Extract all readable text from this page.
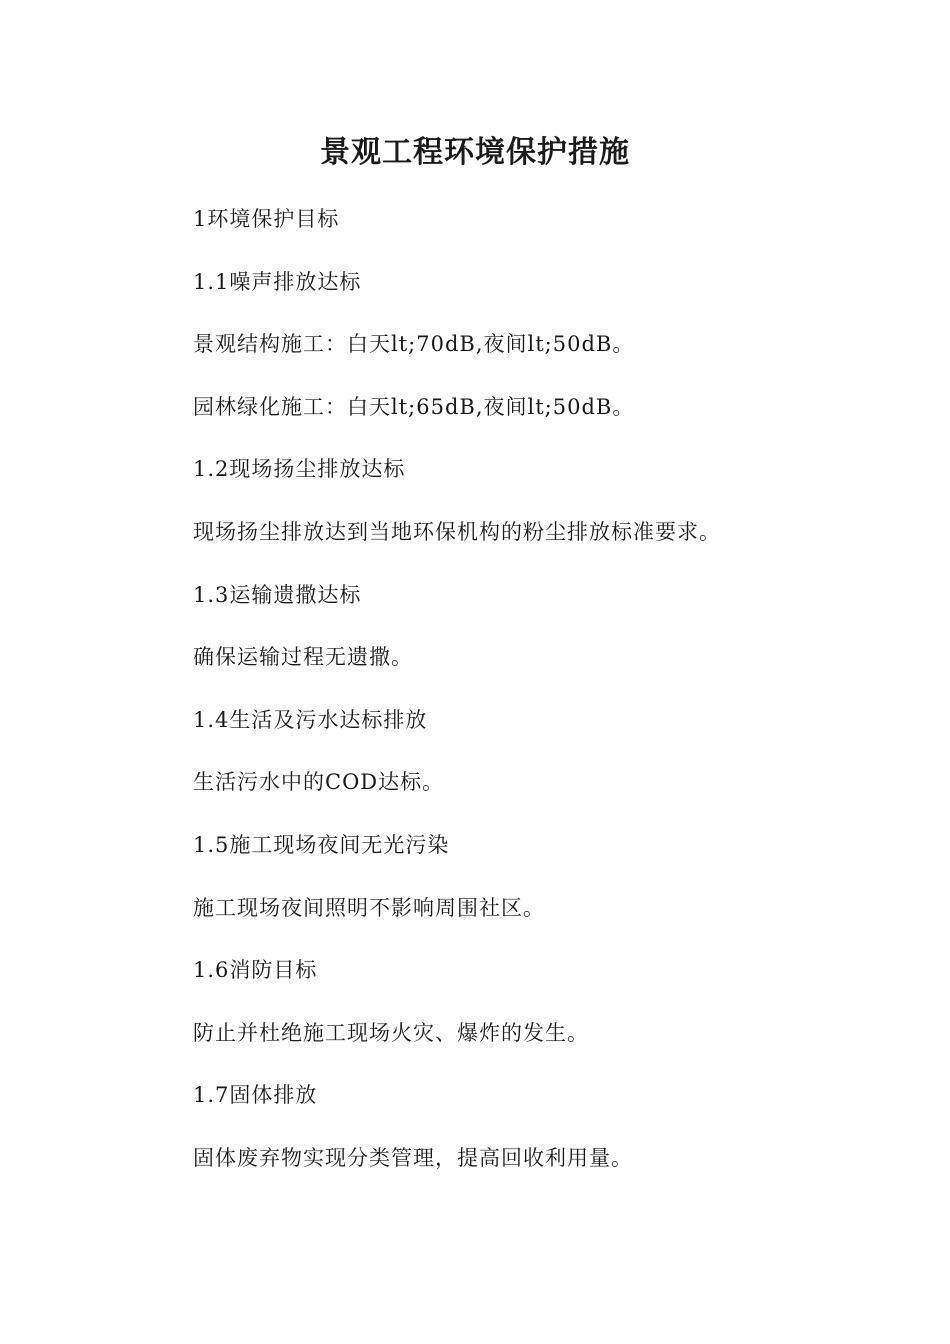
景观工程环境保护措施
1环境保护目标
1.1噪声排放达标
景观结构施工：白天lt;70dB,夜间lt;50dB。
园林绿化施工：白天lt;65dB,夜间lt;50dB。
1.2现场扬尘排放达标
现场扬尘排放达到当地环保机构的粉尘排放标准要求。
1.3运输遗撒达标
确保运输过程无遗撒。
1.4生活及污水达标排放
生活污水中的COD达标。
1.5施工现场夜间无光污染
施工现场夜间照明不影响周围社区。
1.6消防目标
防止并杜绝施工现场火灾、爆炸的发生。
1.7固体排放
固体废弃物实现分类管理，提高回收利用量。
